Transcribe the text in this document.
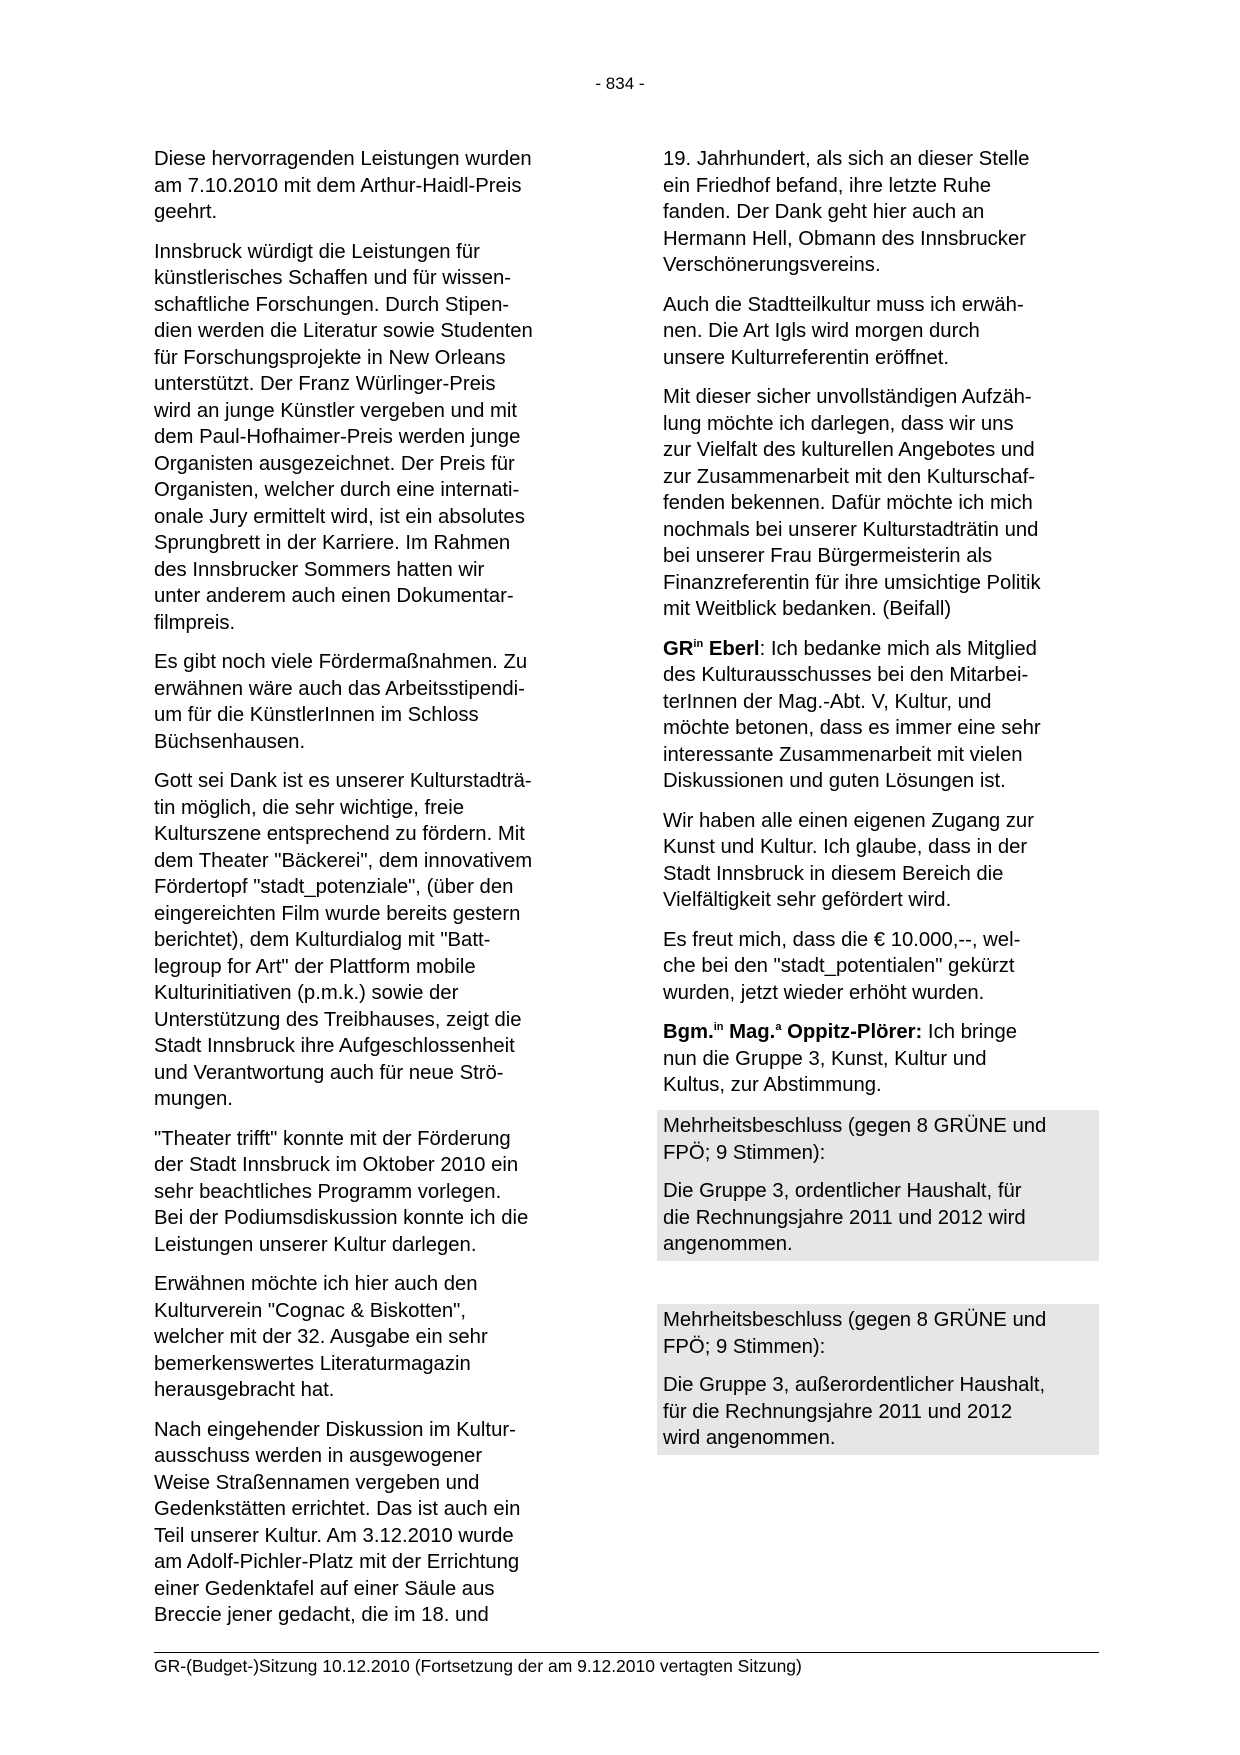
- 834 -

Diese hervorragenden Leistungen wurden
am 7.10.2010 mit dem Arthur-Haidl-Preis
geehrt.

Innsbruck würdigt die Leistungen für
künstlerisches Schaffen und für wissen-
schaftliche Forschungen. Durch Stipen-
dien werden die Literatur sowie Studenten
für Forschungsprojekte in New Orleans
unterstützt. Der Franz Würlinger-Preis
wird an junge Künstler vergeben und mit
dem Paul-Hofhaimer-Preis werden junge
Organisten ausgezeichnet. Der Preis für
Organisten, welcher durch eine internati-
onale Jury ermittelt wird, ist ein absolutes
Sprungbrett in der Karriere. Im Rahmen
des Innsbrucker Sommers hatten wir
unter anderem auch einen Dokumentar-
filmpreis.

Es gibt noch viele Fördermaßnahmen. Zu
erwähnen wäre auch das Arbeitsstipendi-
um für die KünstlerInnen im Schloss
Büchsenhausen.

Gott sei Dank ist es unserer Kulturstadträ-
tin möglich, die sehr wichtige, freie
Kulturszene entsprechend zu fördern. Mit
dem Theater "Bäckerei", dem innovativem
Fördertopf "stadt_potenziale", (über den
eingereichten Film wurde bereits gestern
berichtet), dem Kulturdialog mit "Batt-
legroup for Art" der Plattform mobile
Kulturinitiativen (p.m.k.) sowie der
Unterstützung des Treibhauses, zeigt die
Stadt Innsbruck ihre Aufgeschlossenheit
und Verantwortung auch für neue Strö-
mungen.

"Theater trifft" konnte mit der Förderung
der Stadt Innsbruck im Oktober 2010 ein
sehr beachtliches Programm vorlegen.
Bei der Podiumsdiskussion konnte ich die
Leistungen unserer Kultur darlegen.

Erwähnen möchte ich hier auch den
Kulturverein "Cognac & Biskotten",
welcher mit der 32. Ausgabe ein sehr
bemerkenswertes Literaturmagazin
herausgebracht hat.

Nach eingehender Diskussion im Kultur-
ausschuss werden in ausgewogener
Weise Straßennamen vergeben und
Gedenkstätten errichtet. Das ist auch ein
Teil unserer Kultur. Am 3.12.2010 wurde
am Adolf-Pichler-Platz mit der Errichtung
einer Gedenktafel auf einer Säule aus
Breccie jener gedacht, die im 18. und

19. Jahrhundert, als sich an dieser Stelle
ein Friedhof befand, ihre letzte Ruhe
fanden. Der Dank geht hier auch an
Hermann Hell, Obmann des Innsbrucker
Verschönerungsvereins.

Auch die Stadtteilkultur muss ich erwäh-
nen. Die Art Igls wird morgen durch
unsere Kulturreferentin eröffnet.

Mit dieser sicher unvollständigen Aufzäh-
lung möchte ich darlegen, dass wir uns
zur Vielfalt des kulturellen Angebotes und
zur Zusammenarbeit mit den Kulturschaf-
fenden bekennen. Dafür möchte ich mich
nochmals bei unserer Kulturstadträtin und
bei unserer Frau Bürgermeisterin als
Finanzreferentin für ihre umsichtige Politik
mit Weitblick bedanken. (Beifall)

$GR^{in}$ Eberl: Ich bedanke mich als Mitglied
des Kulturausschusses bei den Mitarbei-
terInnen der Mag.-Abt. V, Kultur, und
möchte betonen, dass es immer eine sehr
interessante Zusammenarbeit mit vielen
Diskussionen und guten Lösungen ist.

Wir haben alle einen eigenen Zugang zur
Kunst und Kultur. Ich glaube, dass in der
Stadt Innsbruck in diesem Bereich die
Vielfältigkeit sehr gefördert wird.

Es freut mich, dass die € 10.000,--, wel-
che bei den "stadt_potentialen" gekürzt
wurden, jetzt wieder erhöht wurden.

Bgm.$^{in}$ Mag.$^a$ Oppitz-Plörer: Ich bringe
nun die Gruppe 3, Kunst, Kultur und
Kultus, zur Abstimmung.

Mehrheitsbeschluss (gegen 8 GRÜNE und
FPÖ; 9 Stimmen):

Die Gruppe 3, ordentlicher Haushalt, für
die Rechnungsjahre 2011 und 2012 wird
angenommen.

Mehrheitsbeschluss (gegen 8 GRÜNE und
FPÖ; 9 Stimmen):

Die Gruppe 3, außerordentlicher Haushalt,
für die Rechnungsjahre 2011 und 2012
wird angenommen.

GR-(Budget-)Sitzung 10.12.2010 (Fortsetzung der am 9.12.2010 vertagten Sitzung)
